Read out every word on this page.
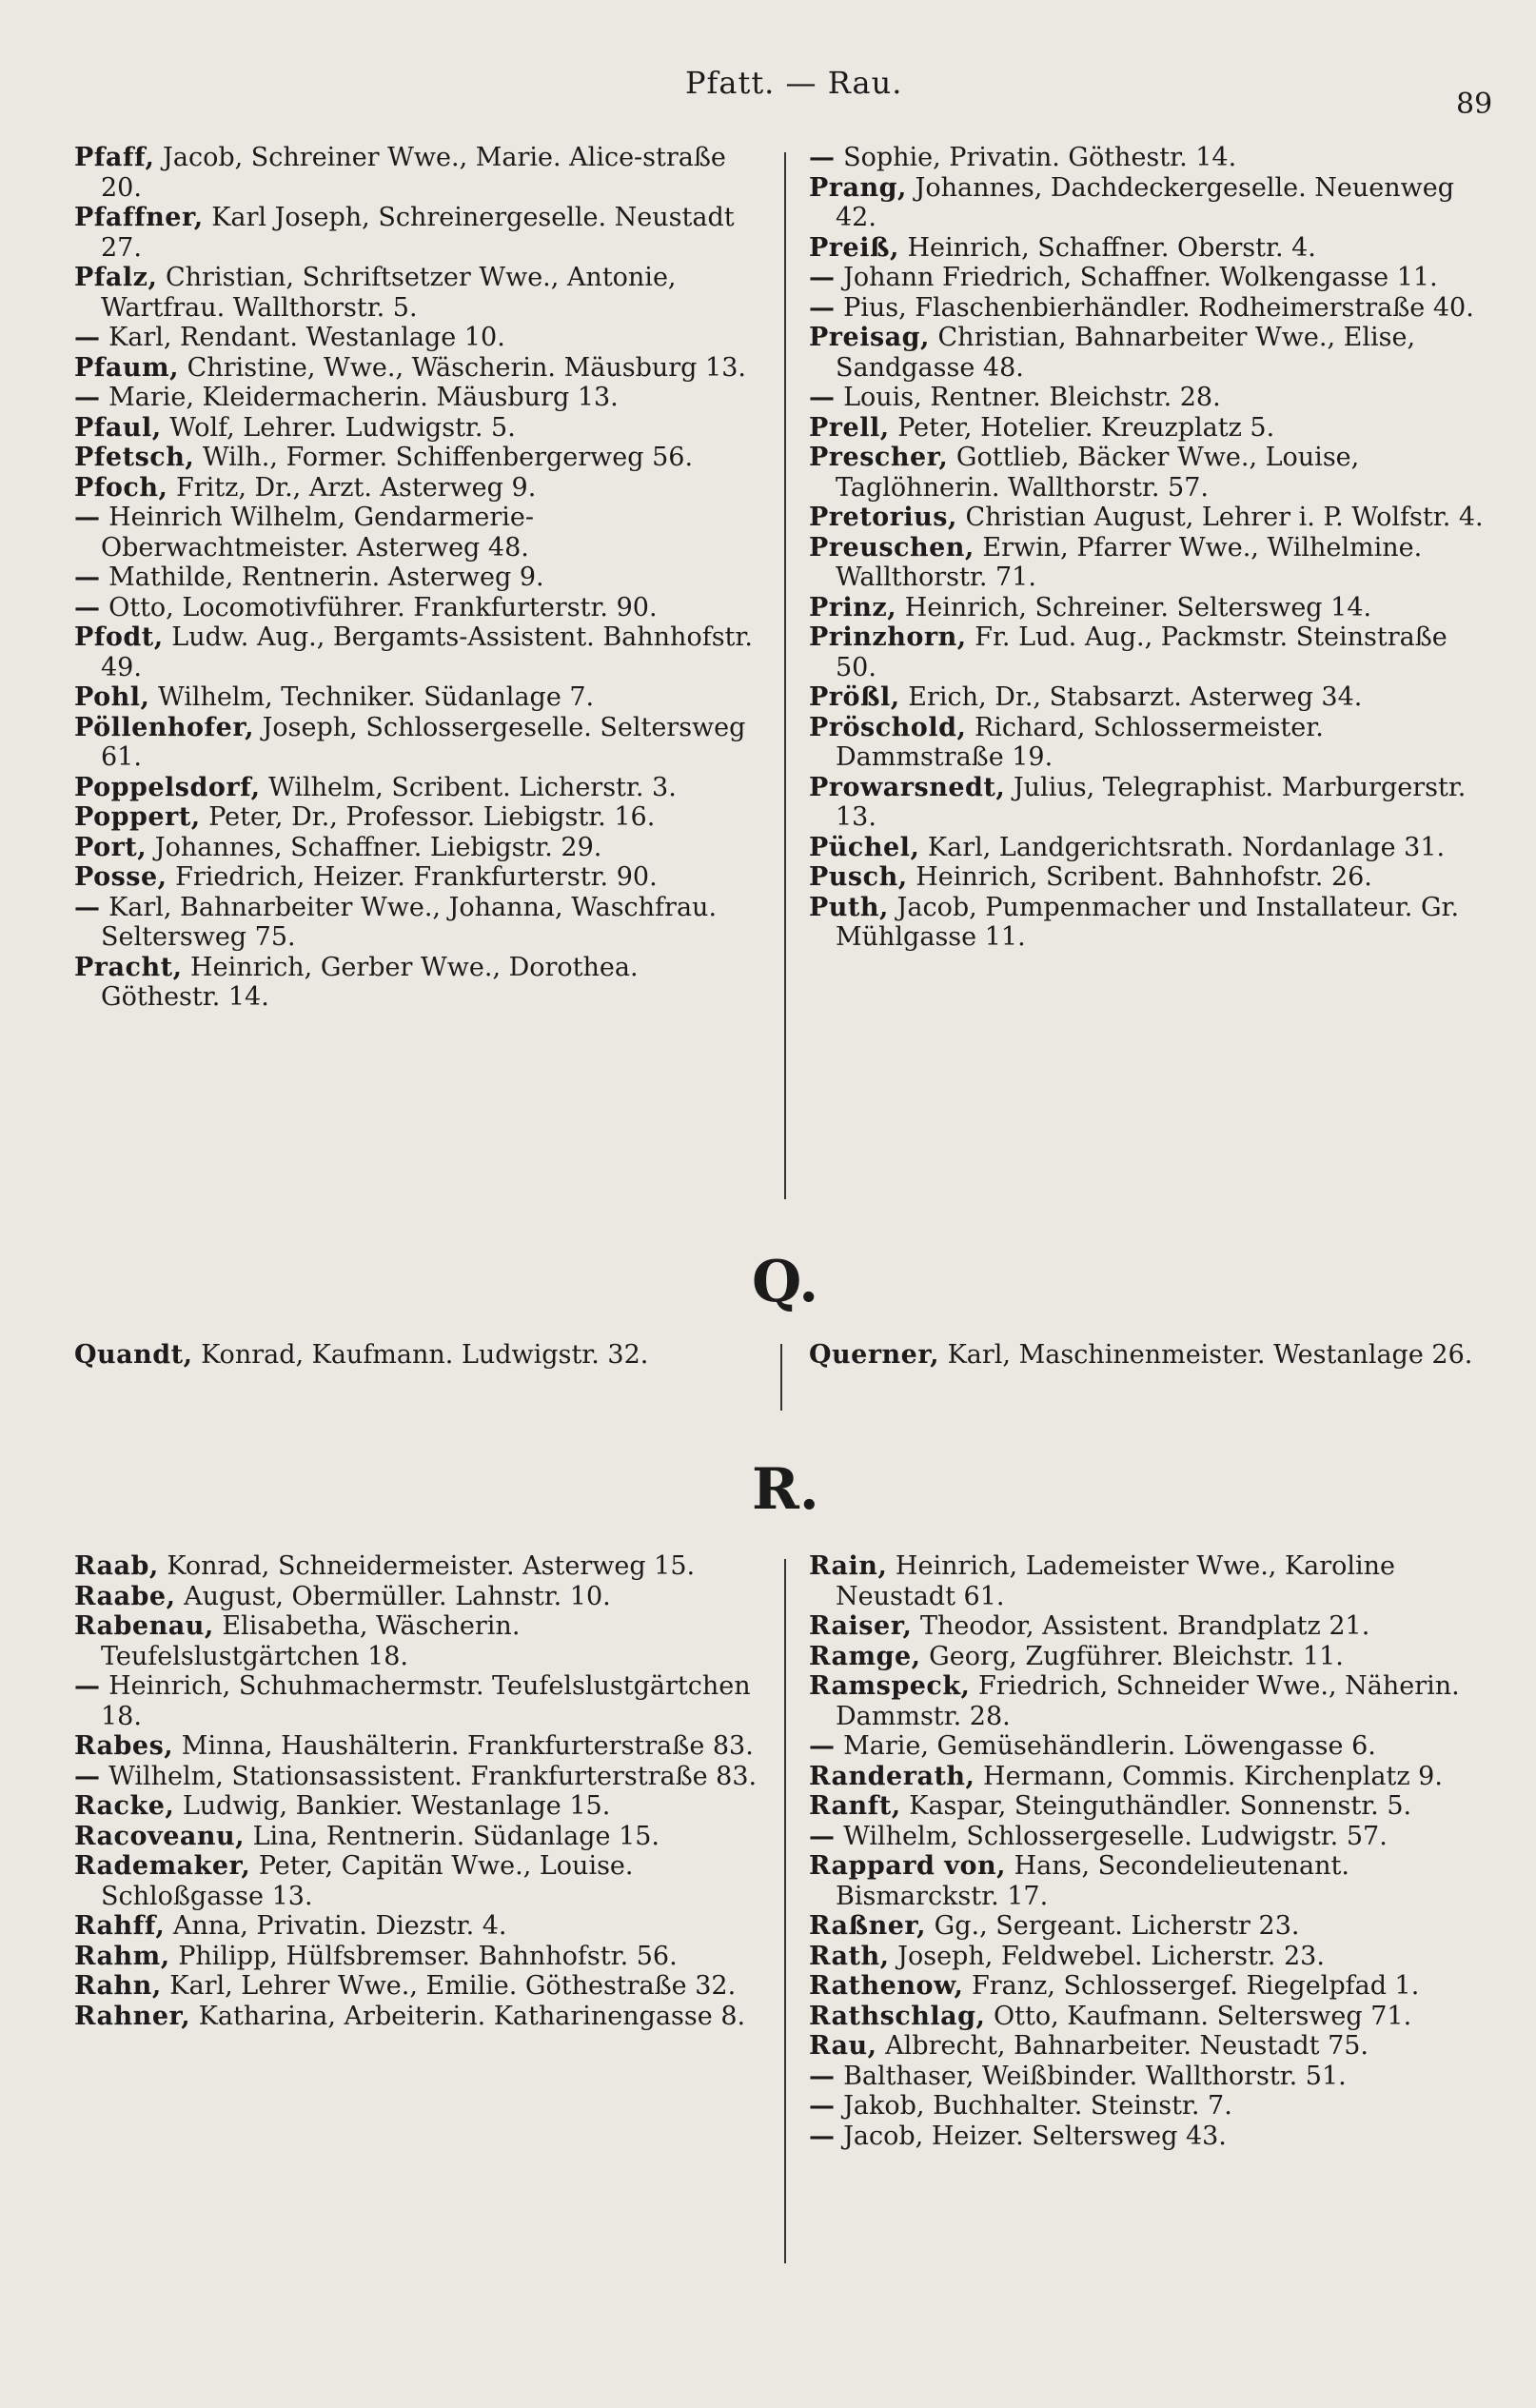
Pfatt. — Rau.
89
Pfaff, Jacob, Schreiner Wwe., Marie. Alice-straße 20.
Pfaffner, Karl Joseph, Schreinergeselle. Neustadt 27.
Pfalz, Christian, Schriftsetzer Wwe., Antonie, Wartfrau. Wallthorstr. 5.
— Karl, Rendant. Westanlage 10.
Pfaum, Christine, Wwe., Wäscherin. Mäusburg 13.
— Marie, Kleidermacherin. Mäusburg 13.
Pfaul, Wolf, Lehrer. Ludwigstr. 5.
Pfetsch, Wilh., Former. Schiffenbergerweg 56.
Pfoch, Fritz, Dr., Arzt. Asterweg 9.
— Heinrich Wilhelm, Gendarmerie-Oberwachtmeister. Asterweg 48.
— Mathilde, Rentnerin. Asterweg 9.
— Otto, Locomotivführer. Frankfurterstr. 90.
Pfodt, Ludw. Aug., Bergamts-Assistent. Bahnhofstr. 49.
Pohl, Wilhelm, Techniker. Südanlage 7.
Pöllenhofer, Joseph, Schlossergeselle. Seltersweg 61.
Poppelsdorf, Wilhelm, Scribent. Licherstr. 3.
Poppert, Peter, Dr., Professor. Liebigstr. 16.
Port, Johannes, Schaffner. Liebigstr. 29.
Posse, Friedrich, Heizer. Frankfurterstr. 90.
— Karl, Bahnarbeiter Wwe., Johanna, Waschfrau. Seltersweg 75.
Pracht, Heinrich, Gerber Wwe., Dorothea. Göthestr. 14.
— Sophie, Privatin. Göthestr. 14.
Prang, Johannes, Dachdeckergeselle. Neuenweg 42.
Preiß, Heinrich, Schaffner. Oberstr. 4.
— Johann Friedrich, Schaffner. Wolkengasse 11.
— Pius, Flaschenbierhändler. Rodheimerstraße 40.
Preisag, Christian, Bahnarbeiter Wwe., Elise, Sandgasse 48.
— Louis, Rentner. Bleichstr. 28.
Prell, Peter, Hotelier. Kreuzplatz 5.
Prescher, Gottlieb, Bäcker Wwe., Louise, Taglöhnerin. Wallthorstr. 57.
Pretorius, Christian August, Lehrer i. P. Wolfstr. 4.
Preuschen, Erwin, Pfarrer Wwe., Wilhelmine. Wallthorstr. 71.
Prinz, Heinrich, Schreiner. Seltersweg 14.
Prinzhorn, Fr. Lud. Aug., Packmstr. Steinstraße 50.
Prößl, Erich, Dr., Stabsarzt. Asterweg 34.
Pröschold, Richard, Schlossermeister. Dammstraße 19.
Prowarsnedt, Julius, Telegraphist. Marburgerstr. 13.
Püchel, Karl, Landgerichtsrath. Nordanlage 31.
Pusch, Heinrich, Scribent. Bahnhofstr. 26.
Puth, Jacob, Pumpenmacher und Installateur. Gr. Mühlgasse 11.
Q.
Quandt, Konrad, Kaufmann. Ludwigstr. 32.	Querner, Karl, Maschinenmeister. Westanlage 26.
R.
Raab, Konrad, Schneidermeister. Asterweg 15.
Raabe, August, Obermüller. Lahnstr. 10.
Rabenau, Elisabetha, Wäscherin. Teufelslustgärtchen 18.
— Heinrich, Schuhmachermstr. Teufelslustgärtchen 18.
Rabes, Minna, Haushälterin. Frankfurterstraße 83.
— Wilhelm, Stationsassistent. Frankfurterstraße 83.
Racke, Ludwig, Bankier. Westanlage 15.
Racoveanu, Lina, Rentnerin. Südanlage 15.
Rademaker, Peter, Capitän Wwe., Louise. Schloßgasse 13.
Rahff, Anna, Privatin. Diezstr. 4.
Rahm, Philipp, Hülfsbremser. Bahnhofstr. 56.
Rahn, Karl, Lehrer Wwe., Emilie. Göthestraße 32.
Rahner, Katharina, Arbeiterin. Katharinengasse 8.
Rain, Heinrich, Lademeister Wwe., Karoline Neustadt 61.
Raiser, Theodor, Assistent. Brandplatz 21.
Ramge, Georg, Zugführer. Bleichstr. 11.
Ramspeck, Friedrich, Schneider Wwe., Näherin. Dammstr. 28.
— Marie, Gemüsehändlerin. Löwengasse 6.
Randerath, Hermann, Commis. Kirchenplatz 9.
Ranft, Kaspar, Steinguthändler. Sonnenstr. 5.
— Wilhelm, Schlossergeselle. Ludwigstr. 57.
Rappard von, Hans, Secondelieutenant. Bismarckstr. 17.
Raßner, Gg., Sergeant. Licherstr 23.
Rath, Joseph, Feldwebel. Licherstr. 23.
Rathenow, Franz, Schlossergef. Riegelpfad 1.
Rathschlag, Otto, Kaufmann. Seltersweg 71.
Rau, Albrecht, Bahnarbeiter. Neustadt 75.
— Balthaser, Weißbinder. Wallthorstr. 51.
— Jakob, Buchhalter. Steinstr. 7.
— Jacob, Heizer. Seltersweg 43.
